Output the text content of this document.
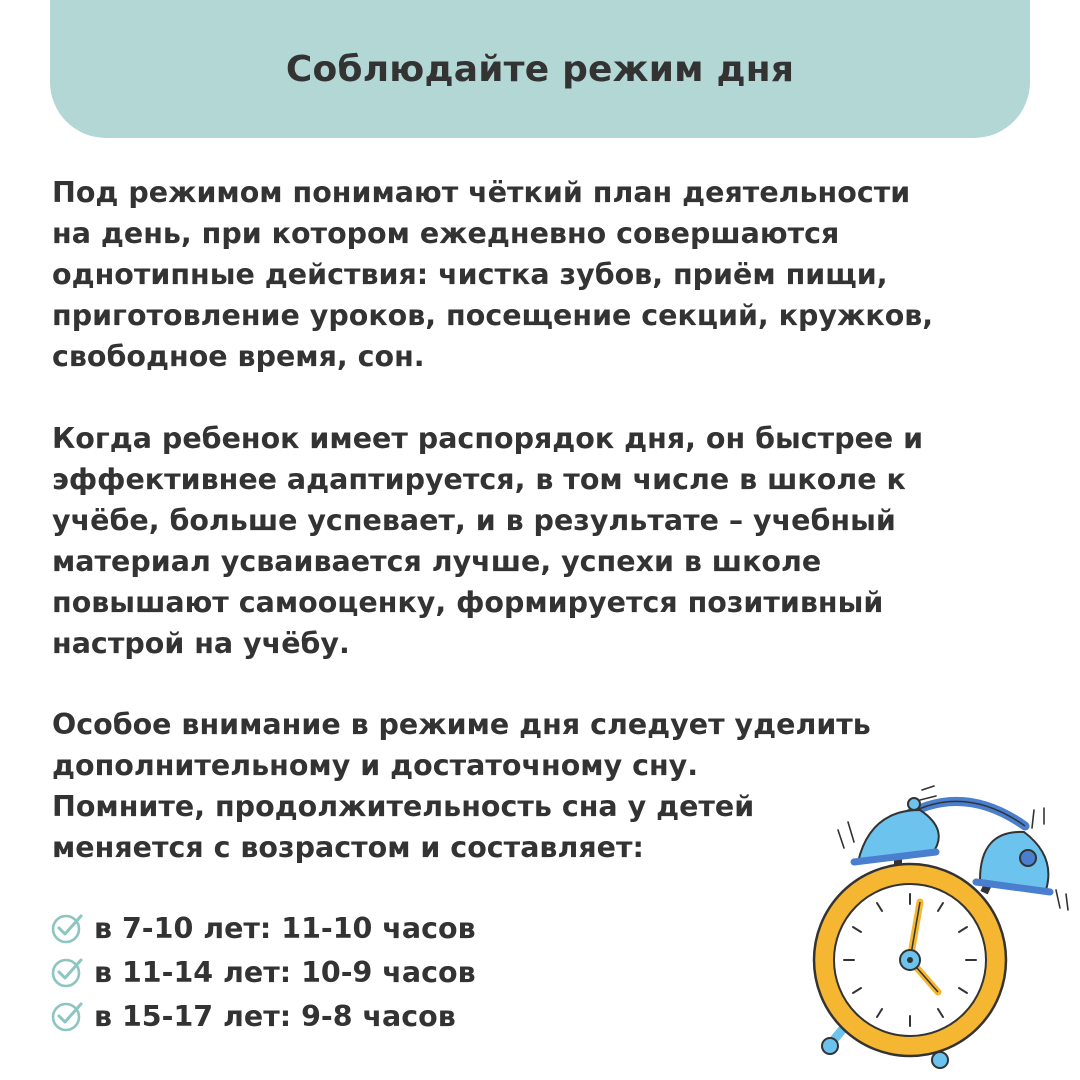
Соблюдайте режим дня

Под режимом понимают чёткий план деятельности
на день, при котором ежедневно совершаются
однотипные действия: чистка зубов, приём пищи,
приготовление уроков, посещение секций, кружков,
свободное время, сон.

Когда ребенок имеет распорядок дня, он быстрее и
эффективнее адаптируется, в том числе в школе к
учёбе, больше успевает, и в результате – учебный
материал усваивается лучше, успехи в школе
повышают самооценку, формируется позитивный
настрой на учёбу.

Особое внимание в режиме дня следует уделить
дополнительному и достаточному сну.
Помните, продолжительность сна у детей
меняется с возрастом и составляет:

в 7-10 лет: 11-10 часов
в 11-14 лет: 10-9 часов
в 15-17 лет: 9-8 часов
